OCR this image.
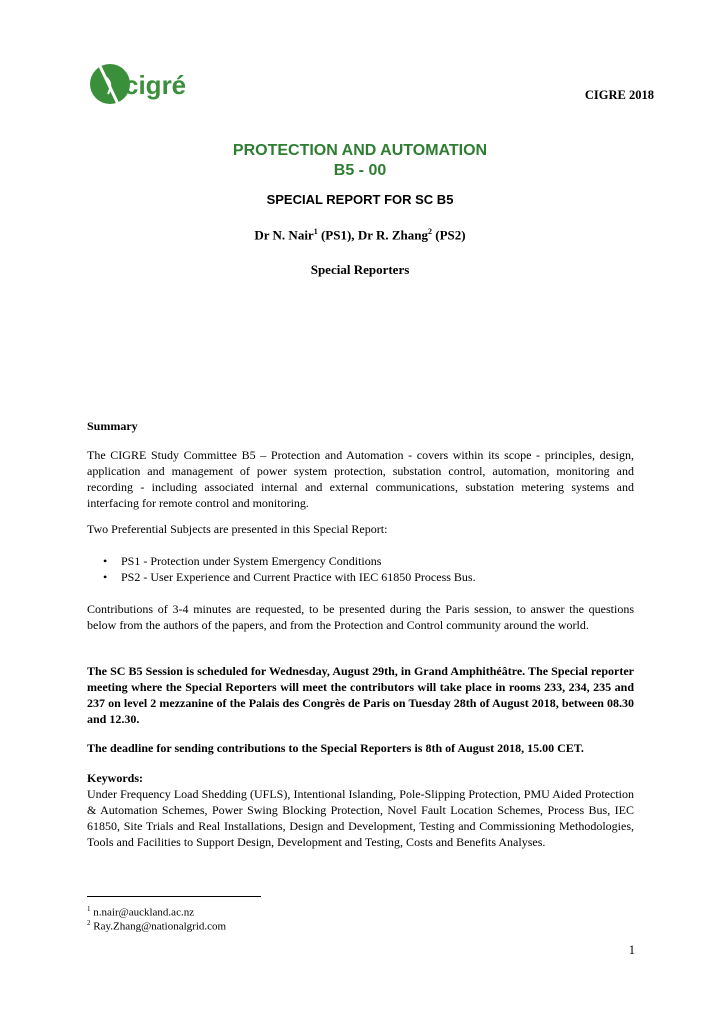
cigré	CIGRE 2018
PROTECTION AND AUTOMATION
B5 - 00
SPECIAL REPORT FOR SC B5
Dr N. Nair$^1$ (PS1), Dr R. Zhang$^2$ (PS2)
Special Reporters
Summary
The CIGRE Study Committee B5 – Protection and Automation - covers within its scope - principles, design, application and management of power system protection, substation control, automation, monitoring and recording - including associated internal and external communications, substation metering systems and interfacing for remote control and monitoring.
Two Preferential Subjects are presented in this Special Report:
• PS1 - Protection under System Emergency Conditions
• PS2 - User Experience and Current Practice with IEC 61850 Process Bus.
Contributions of 3-4 minutes are requested, to be presented during the Paris session, to answer the questions below from the authors of the papers, and from the Protection and Control community around the world.
The SC B5 Session is scheduled for Wednesday, August 29th, in Grand Amphithéâtre. The Special reporter meeting where the Special Reporters will meet the contributors will take place in rooms 233, 234, 235 and 237 on level 2 mezzanine of the Palais des Congrès de Paris on Tuesday 28th of August 2018, between 08.30 and 12.30.
The deadline for sending contributions to the Special Reporters is 8th of August 2018, 15.00 CET.
Keywords:
Under Frequency Load Shedding (UFLS), Intentional Islanding, Pole-Slipping Protection, PMU Aided Protection & Automation Schemes, Power Swing Blocking Protection, Novel Fault Location Schemes, Process Bus, IEC 61850, Site Trials and Real Installations, Design and Development, Testing and Commissioning Methodologies, Tools and Facilities to Support Design, Development and Testing, Costs and Benefits Analyses.
$^1$ n.nair@auckland.ac.nz
$^2$ Ray.Zhang@nationalgrid.com
1
